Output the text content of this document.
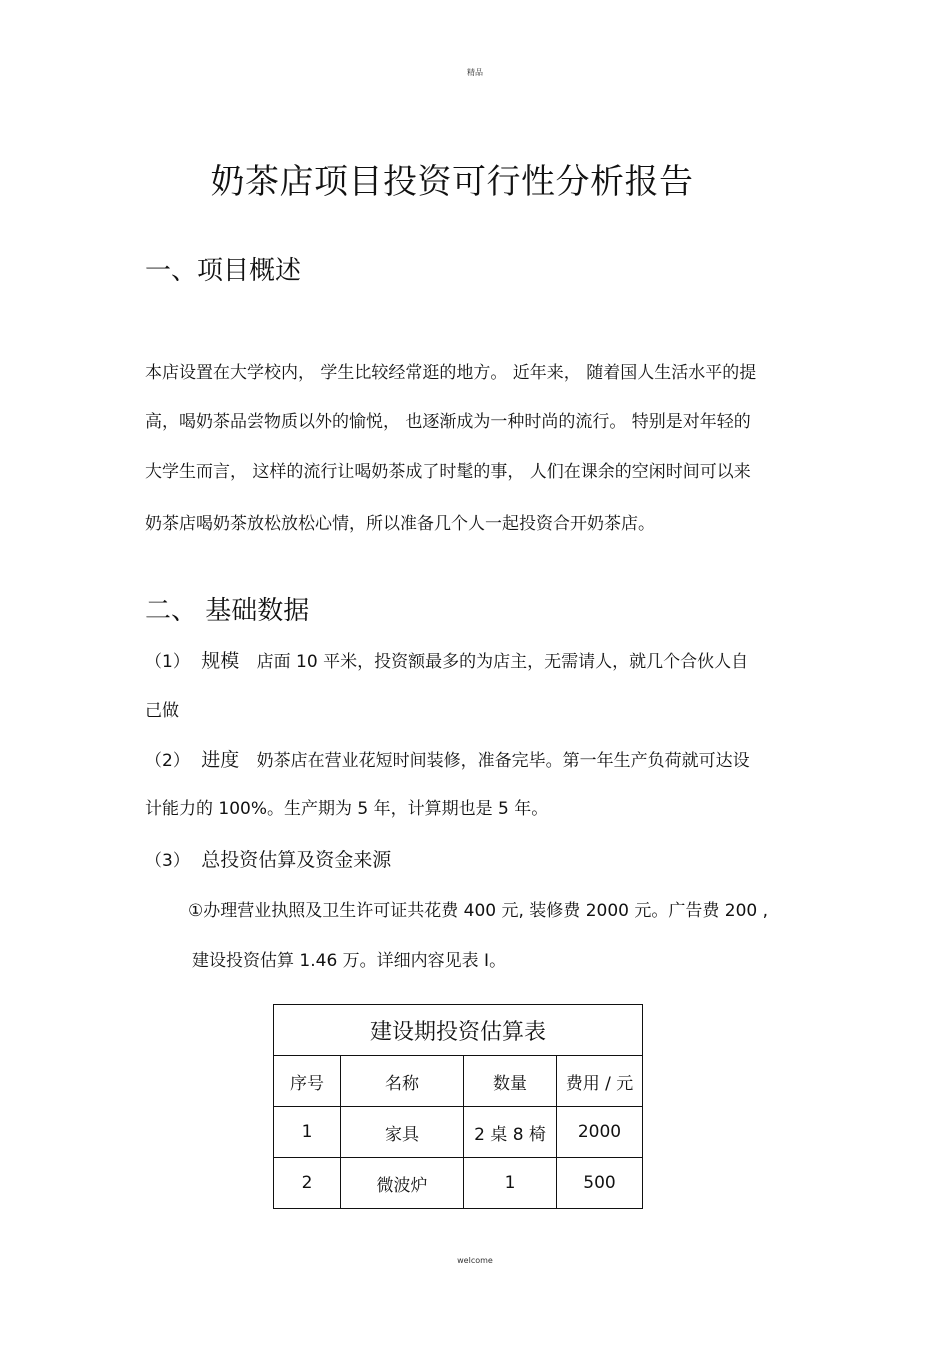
精品
奶茶店项目投资可行性分析报告
一、项目概述
本店设置在大学校内， 学生比较经常逛的地方。 近年来， 随着国人生活水平的提
高，喝奶茶品尝物质以外的愉悦， 也逐渐成为一种时尚的流行。 特别是对年轻的
大学生而言， 这样的流行让喝奶茶成了时髦的事， 人们在课余的空闲时间可以来
奶茶店喝奶茶放松放松心情，所以准备几个人一起投资合开奶茶店。
二、 基础数据
（1） 规模 店面 10 平米，投资额最多的为店主，无需请人，就几个合伙人自
己做
（2） 进度 奶茶店在营业花短时间装修，准备完毕。第一年生产负荷就可达设
计能力的 100%。生产期为 5 年，计算期也是 5 年。
（3） 总投资估算及资金来源
①办理营业执照及卫生许可证共花费 400 元, 装修费 2000 元。广告费 200 ,
建设投资估算 1.46 万。详细内容见表 I。
建设期投资估算表			
序号	名称	数量	费用 / 元
1	家具	2 桌 8 椅	2000
2	微波炉	1	500
welcome
